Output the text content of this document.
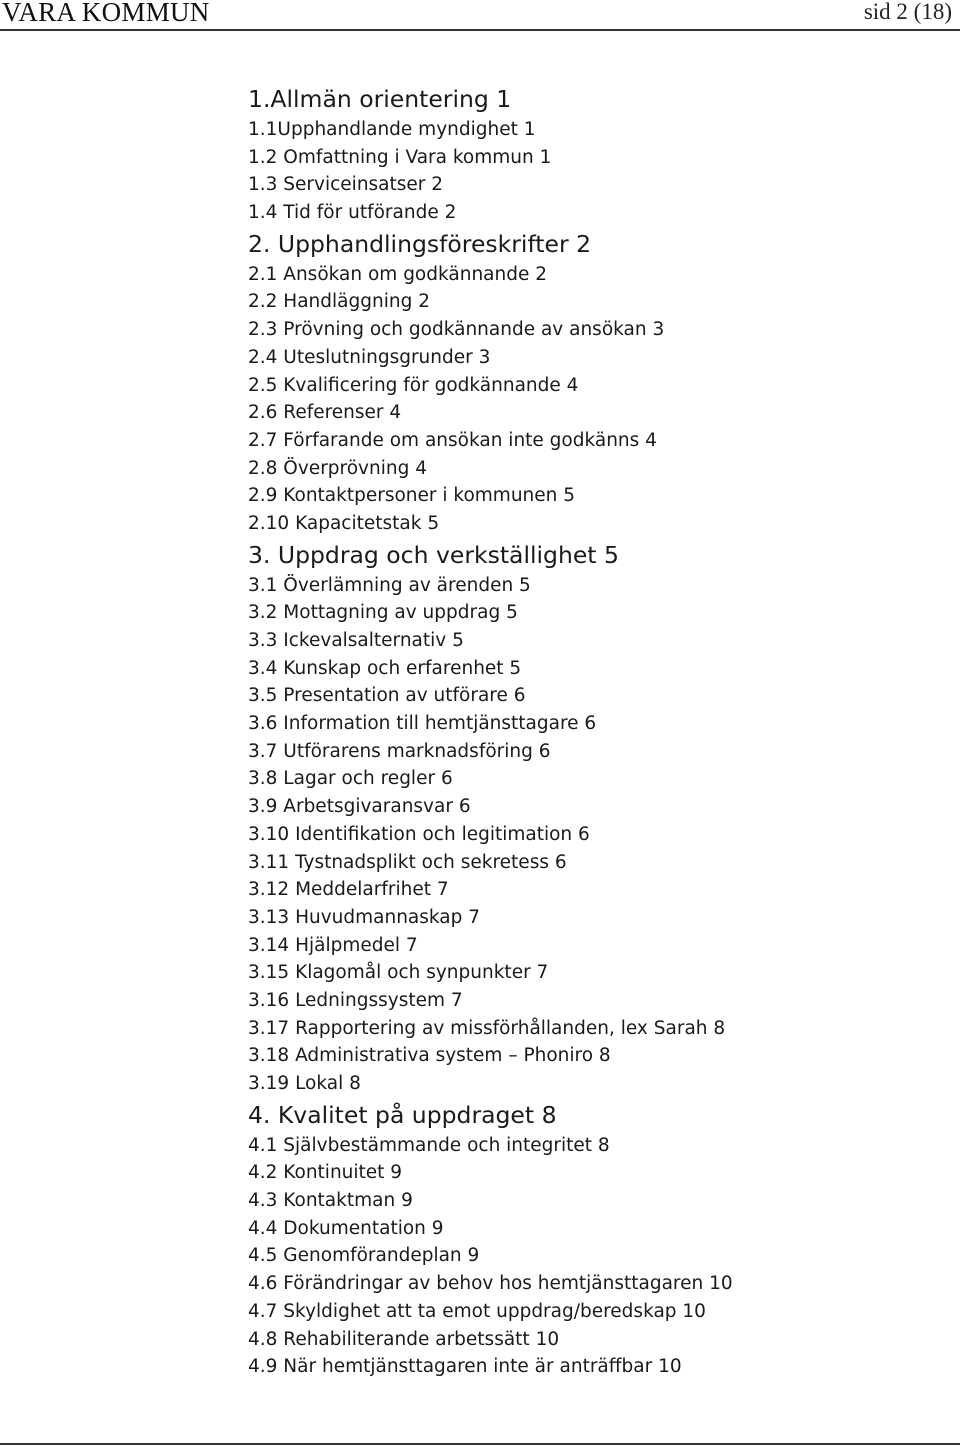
VARA KOMMUN	sid 2 (18)
1.Allmän orientering 1
1.1Upphandlande myndighet 1
1.2 Omfattning i Vara kommun 1
1.3 Serviceinsatser 2
1.4 Tid för utförande 2
2. Upphandlingsföreskrifter 2
2.1 Ansökan om godkännande 2
2.2 Handläggning 2
2.3 Prövning och godkännande av ansökan 3
2.4 Uteslutningsgrunder 3
2.5 Kvalificering för godkännande 4
2.6 Referenser 4
2.7 Förfarande om ansökan inte godkänns 4
2.8 Överprövning 4
2.9 Kontaktpersoner i kommunen 5
2.10 Kapacitetstak 5
3. Uppdrag och verkställighet 5
3.1 Överlämning av ärenden 5
3.2 Mottagning av uppdrag 5
3.3 Ickevalsalternativ 5
3.4 Kunskap och erfarenhet 5
3.5 Presentation av utförare 6
3.6 Information till hemtjänsttagare 6
3.7 Utförarens marknadsföring 6
3.8 Lagar och regler 6
3.9 Arbetsgivaransvar 6
3.10 Identifikation och legitimation 6
3.11 Tystnadsplikt och sekretess 6
3.12 Meddelarfrihet 7
3.13 Huvudmannaskap 7
3.14 Hjälpmedel 7
3.15 Klagomål och synpunkter 7
3.16 Ledningssystem 7
3.17 Rapportering av missförhållanden, lex Sarah 8
3.18 Administrativa system – Phoniro 8
3.19 Lokal 8
4. Kvalitet på uppdraget 8
4.1 Självbestämmande och integritet 8
4.2 Kontinuitet 9
4.3 Kontaktman 9
4.4 Dokumentation 9
4.5 Genomförandeplan 9
4.6 Förändringar av behov hos hemtjänsttagaren 10
4.7 Skyldighet att ta emot uppdrag/beredskap 10
4.8 Rehabiliterande arbetssätt 10
4.9 När hemtjänsttagaren inte är anträffbar 10
